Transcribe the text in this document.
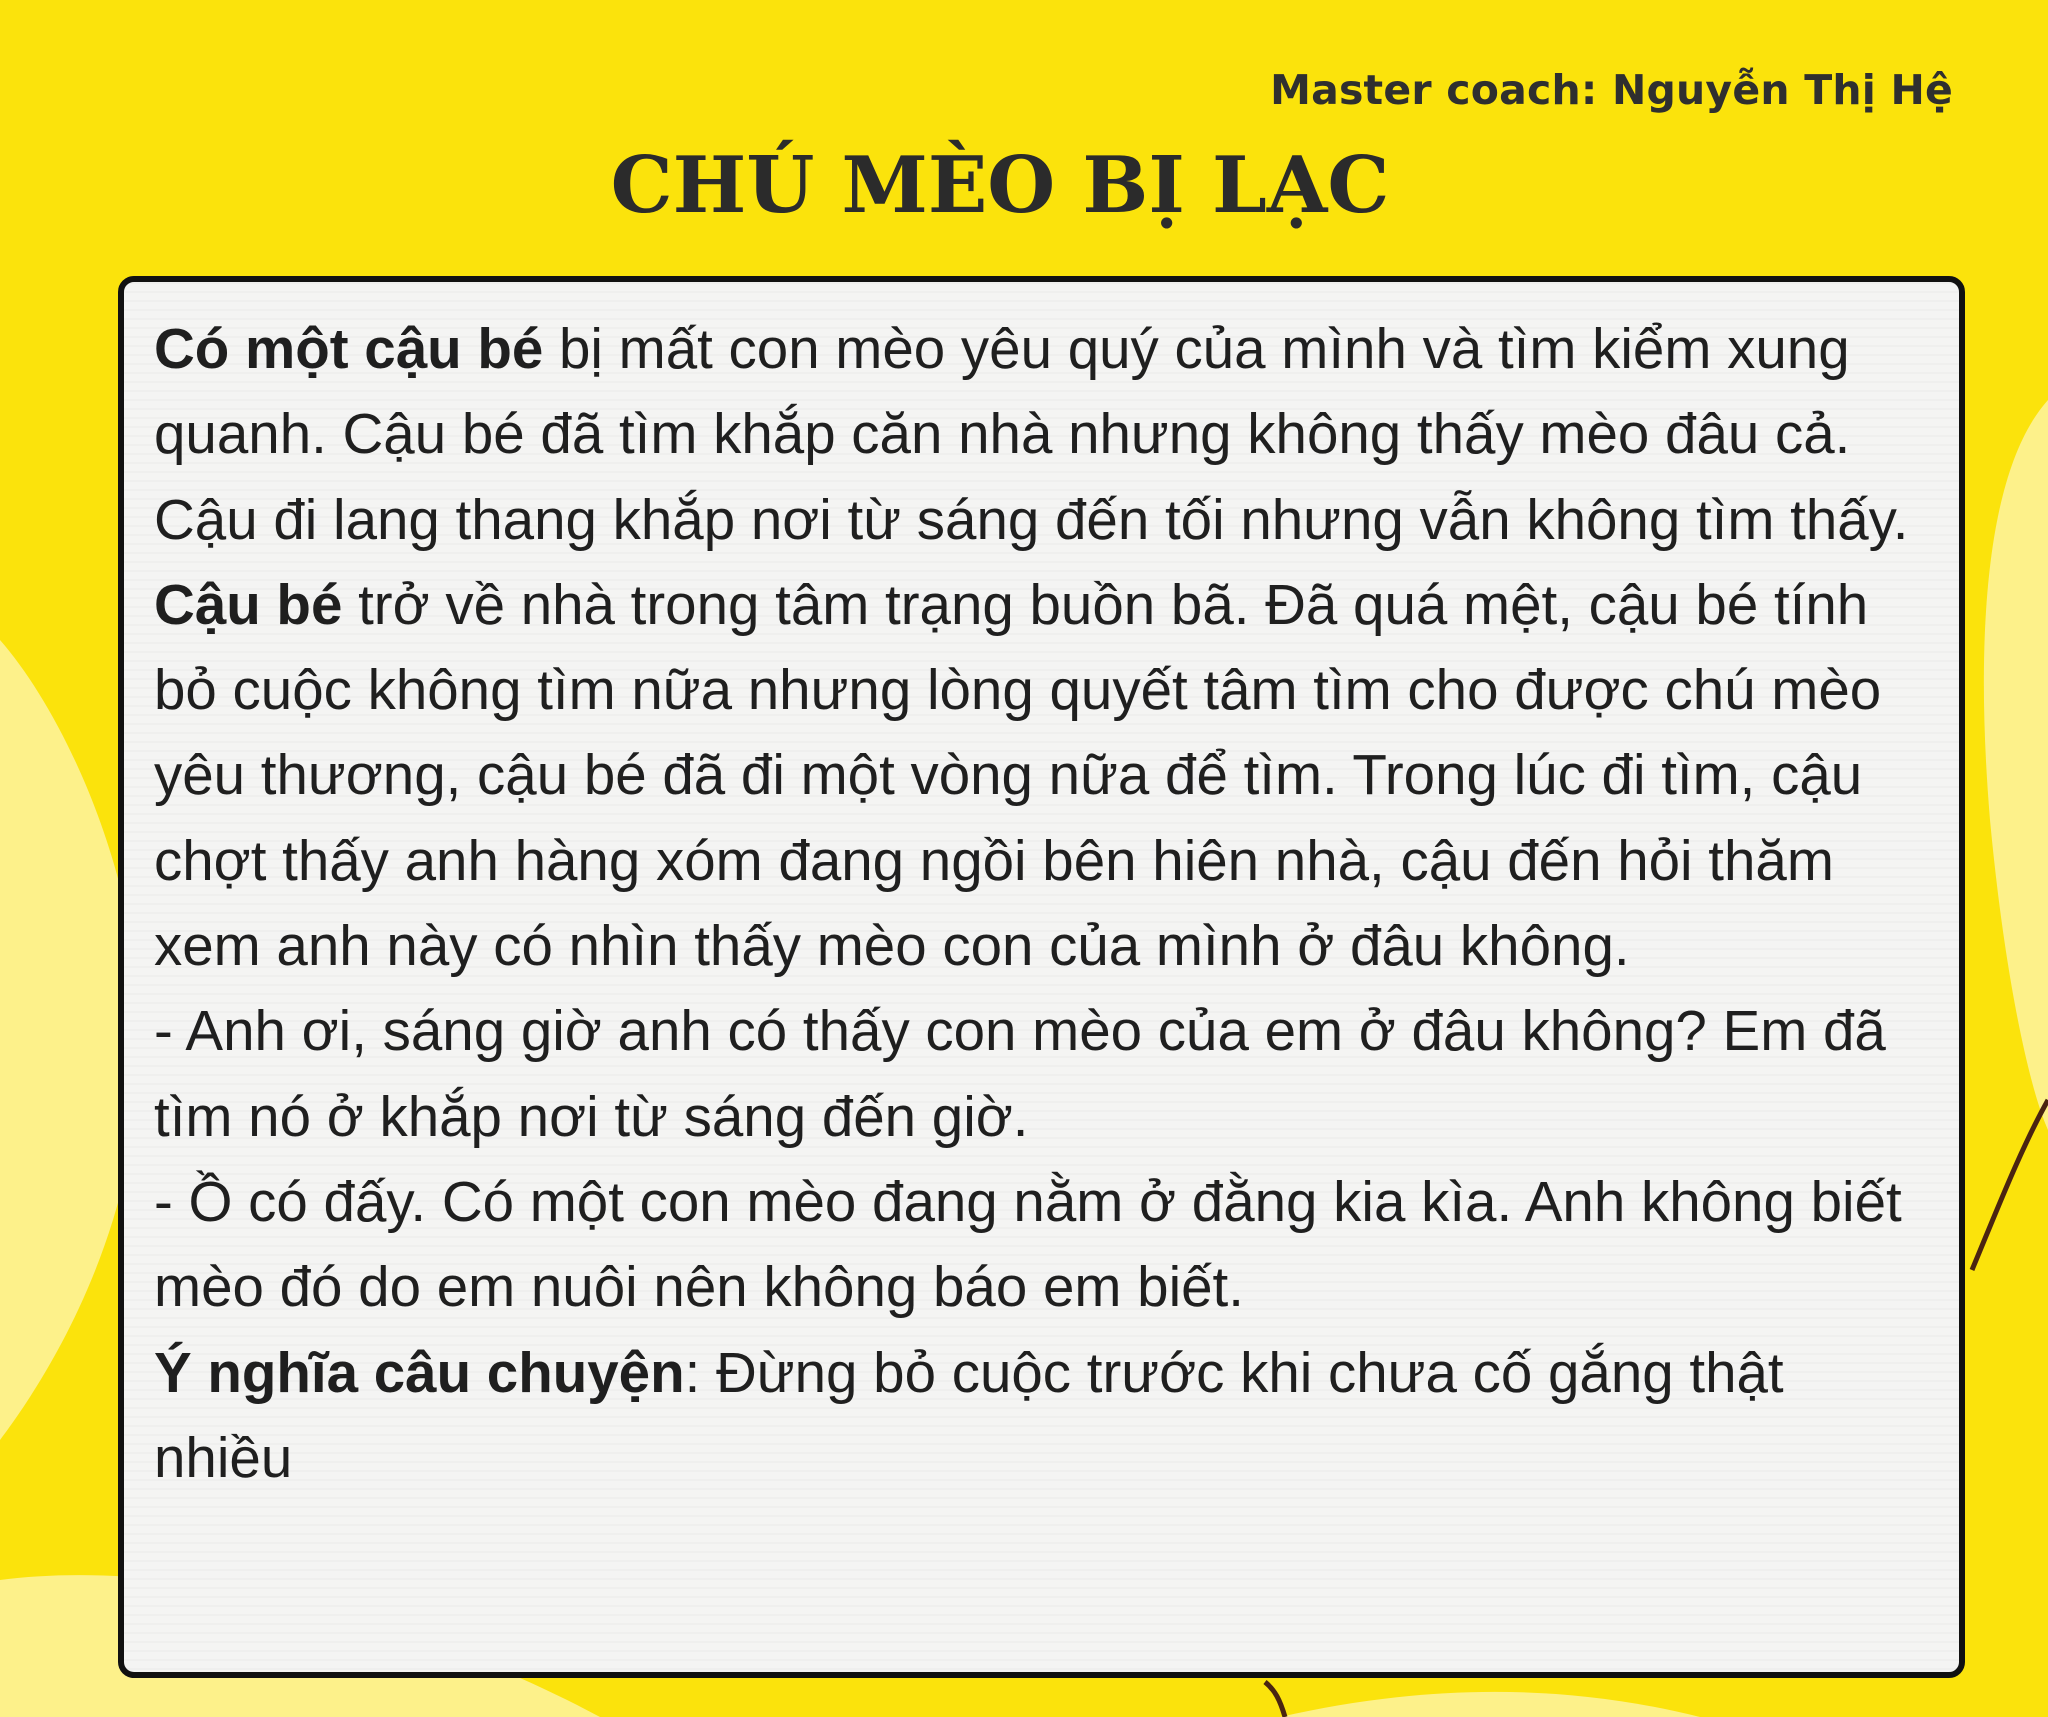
Master coach: Nguyễn Thị Hệ
CHÚ MÈO BỊ LẠC

Có một cậu bé bị mất con mèo yêu quý của mình và tìm kiểm xung quanh. Cậu bé đã tìm khắp căn nhà nhưng không thấy mèo đâu cả. Cậu đi lang thang khắp nơi từ sáng đến tối nhưng vẫn không tìm thấy.

Cậu bé trở về nhà trong tâm trạng buồn bã. Đã quá mệt, cậu bé tính bỏ cuộc không tìm nữa nhưng lòng quyết tâm tìm cho được chú mèo yêu thương, cậu bé đã đi một vòng nữa để tìm. Trong lúc đi tìm, cậu chợt thấy anh hàng xóm đang ngồi bên hiên nhà, cậu đến hỏi thăm xem anh này có nhìn thấy mèo con của mình ở đâu không.

- Anh ơi, sáng giờ anh có thấy con mèo của em ở đâu không? Em đã tìm nó ở khắp nơi từ sáng đến giờ.

- Ồ có đấy. Có một con mèo đang nằm ở đằng kia kìa. Anh không biết mèo đó do em nuôi nên không báo em biết.

Ý nghĩa câu chuyện: Đừng bỏ cuộc trước khi chưa cố gắng thật nhiều
